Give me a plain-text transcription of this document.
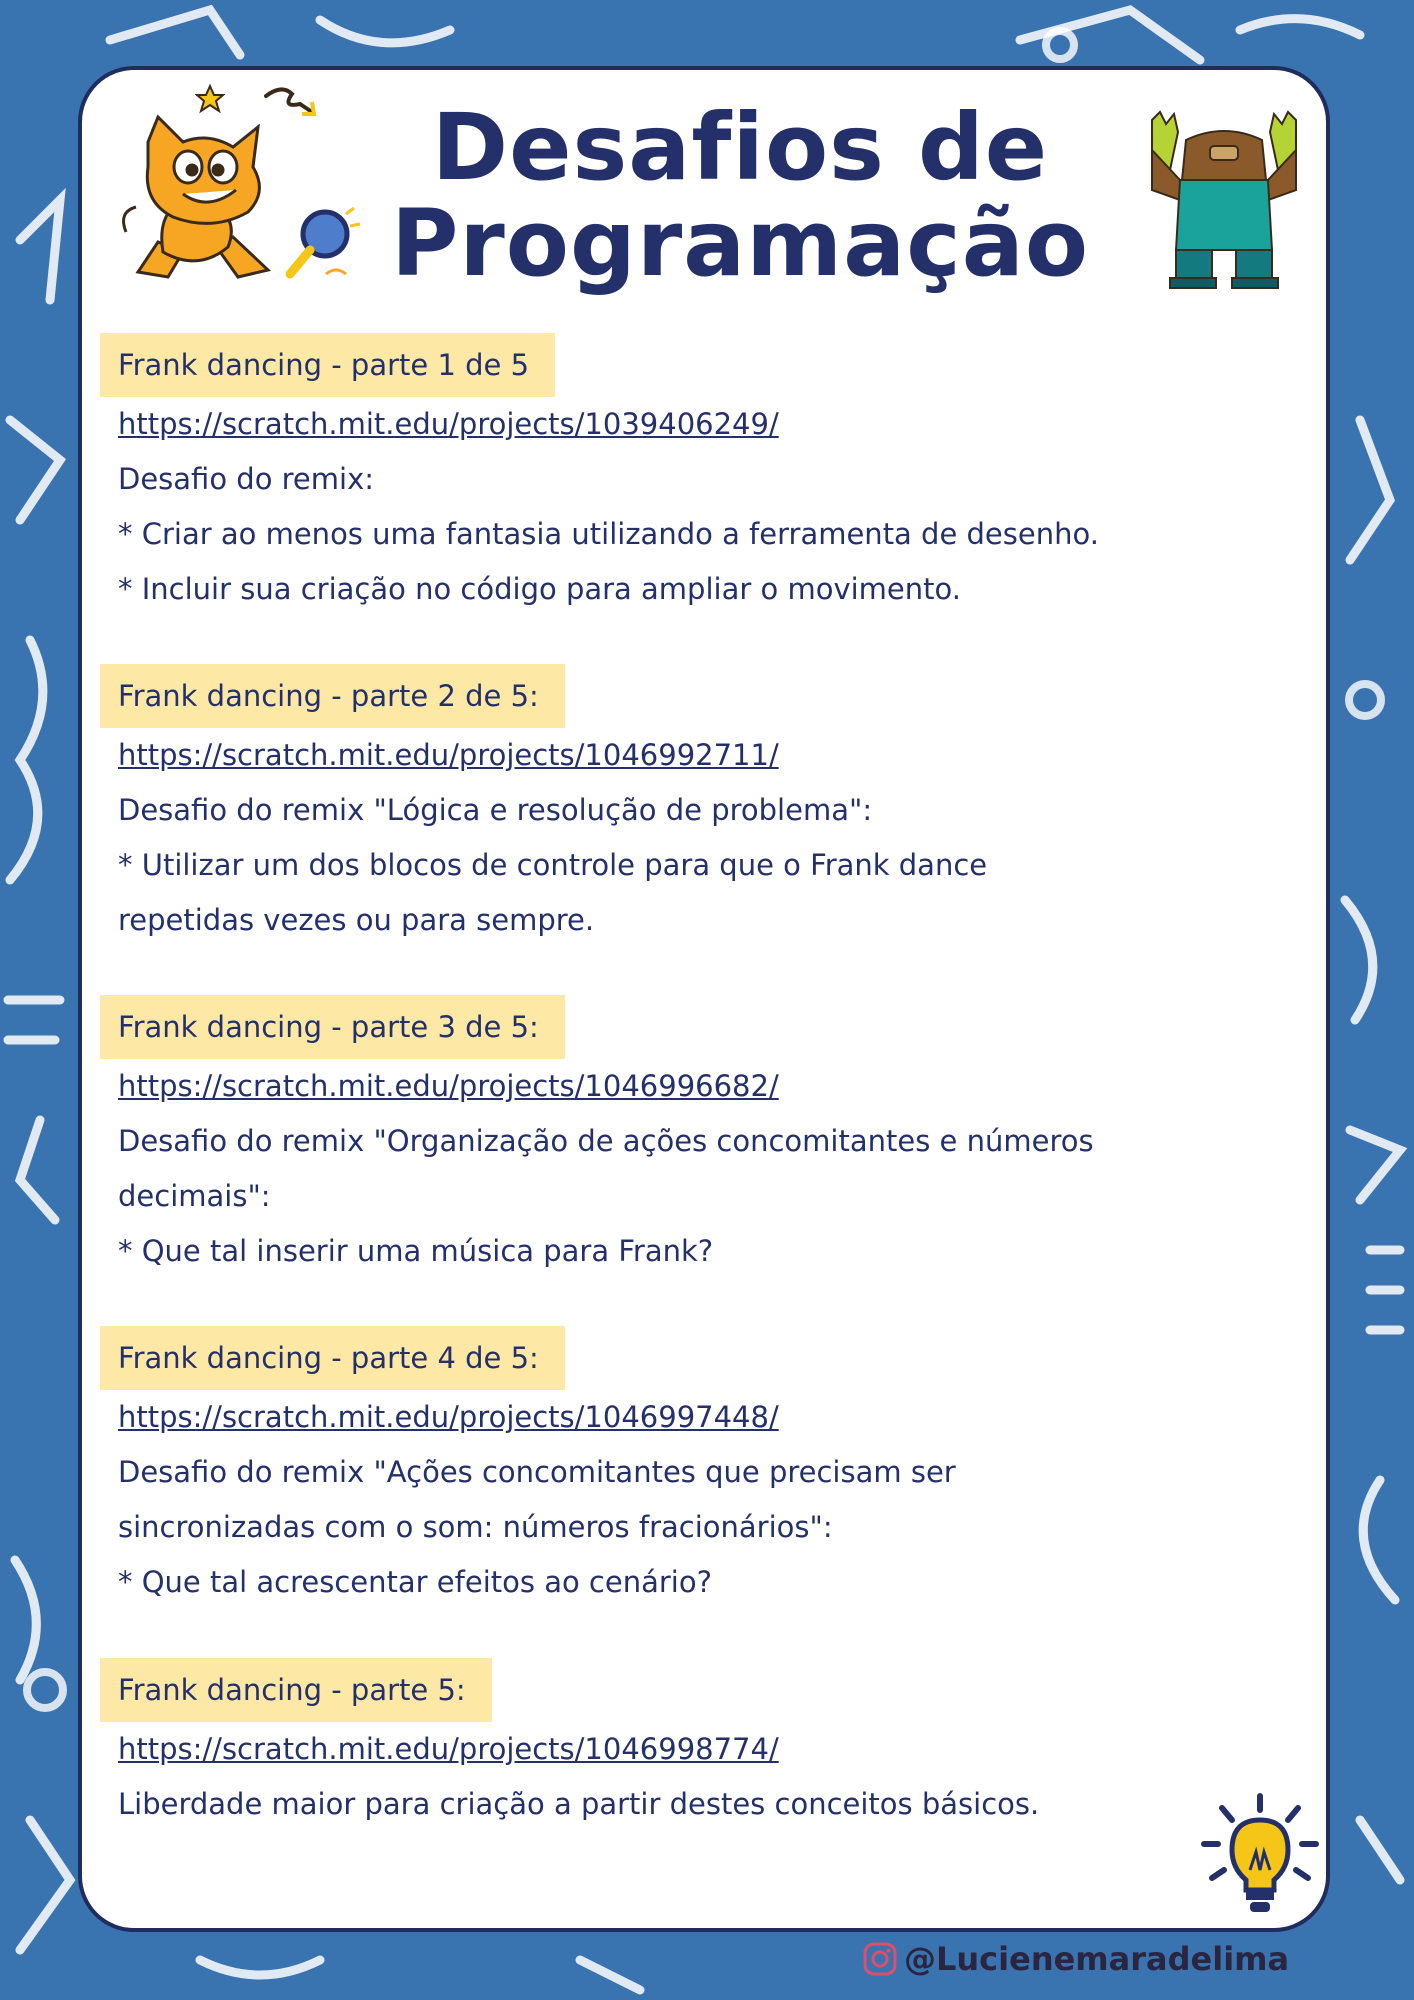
Desafios de
Programação
Frank dancing - parte 1 de 5
https://scratch.mit.edu/projects/1039406249/
Desafio do remix:
* Criar ao menos uma fantasia utilizando a ferramenta de desenho.
* Incluir sua criação no código para ampliar o movimento.
Frank dancing - parte 2 de 5:
https://scratch.mit.edu/projects/1046992711/
Desafio do remix "Lógica e resolução de problema":
* Utilizar um dos blocos de controle para que o Frank dance
repetidas vezes ou para sempre.
Frank dancing - parte 3 de 5:
https://scratch.mit.edu/projects/1046996682/
Desafio do remix "Organização de ações concomitantes e números
decimais":
* Que tal inserir uma música para Frank?
Frank dancing - parte 4 de 5:
https://scratch.mit.edu/projects/1046997448/
Desafio do remix "Ações concomitantes que precisam ser
sincronizadas com o som: números fracionários":
* Que tal acrescentar efeitos ao cenário?
Frank dancing - parte 5:
https://scratch.mit.edu/projects/1046998774/
Liberdade maior para criação a partir destes conceitos básicos.
@Lucienemaradelima
